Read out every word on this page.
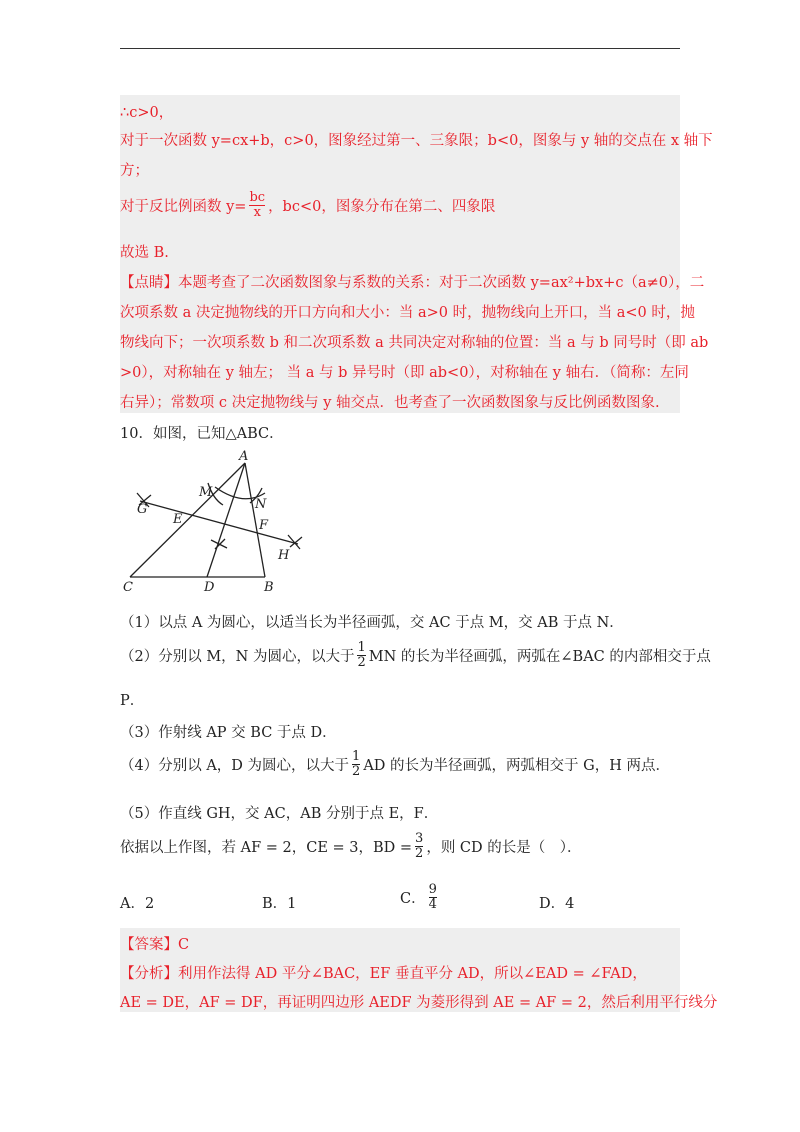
∴c>0，
对于一次函数 y=cx+b，c>0，图象经过第一、三象限；b<0，图象与 y 轴的交点在 x 轴下
方；
对于反比例函数 $y= \frac{bc}{x}$ ，bc<0，图象分布在第二、四象限
故选 B.
【点睛】本题考查了二次函数图象与系数的关系：对于二次函数 y=ax²+bx+c（a≠0），二
次项系数 a 决定抛物线的开口方向和大小：当 a>0 时，抛物线向上开口，当 a<0 时，抛
物线向下；一次项系数 b 和二次项系数 a 共同决定对称轴的位置：当 a 与 b 同号时（即 ab
>0），对称轴在 y 轴左； 当 a 与 b 异号时（即 ab<0），对称轴在 y 轴右．（简称：左同
右异）；常数项 c 决定抛物线与 y 轴交点．也考查了一次函数图象与反比例函数图象.
10．如图，已知△ABC．
A
M
N
G
E	F
H
C	D	B
（1）以点 A 为圆心，以适当长为半径画弧，交 AC 于点 M，交 AB 于点 N．
（2）分别以 M，N 为圆心，以大于 $\frac{1}{2}$ MN 的长为半径画弧，两弧在∠BAC 的内部相交于点
P．
（3）作射线 AP 交 BC 于点 D．
（4）分别以 A，D 为圆心，以大于 $\frac{1}{2}$ AD 的长为半径画弧，两弧相交于 G，H 两点．
（5）作直线 GH，交 AC，AB 分别于点 E，F．
依据以上作图，若 AF = 2，CE = 3，BD = $\frac{3}{2}$ ，则 CD 的长是（　）．
A．2	B．1	C． $\frac{9}{4}$	D．4
【答案】C
【分析】利用作法得 AD 平分∠BAC，EF 垂直平分 AD，所以∠EAD = ∠FAD，
AE = DE，AF = DF，再证明四边形 AEDF 为菱形得到 AE = AF = 2，然后利用平行线分
